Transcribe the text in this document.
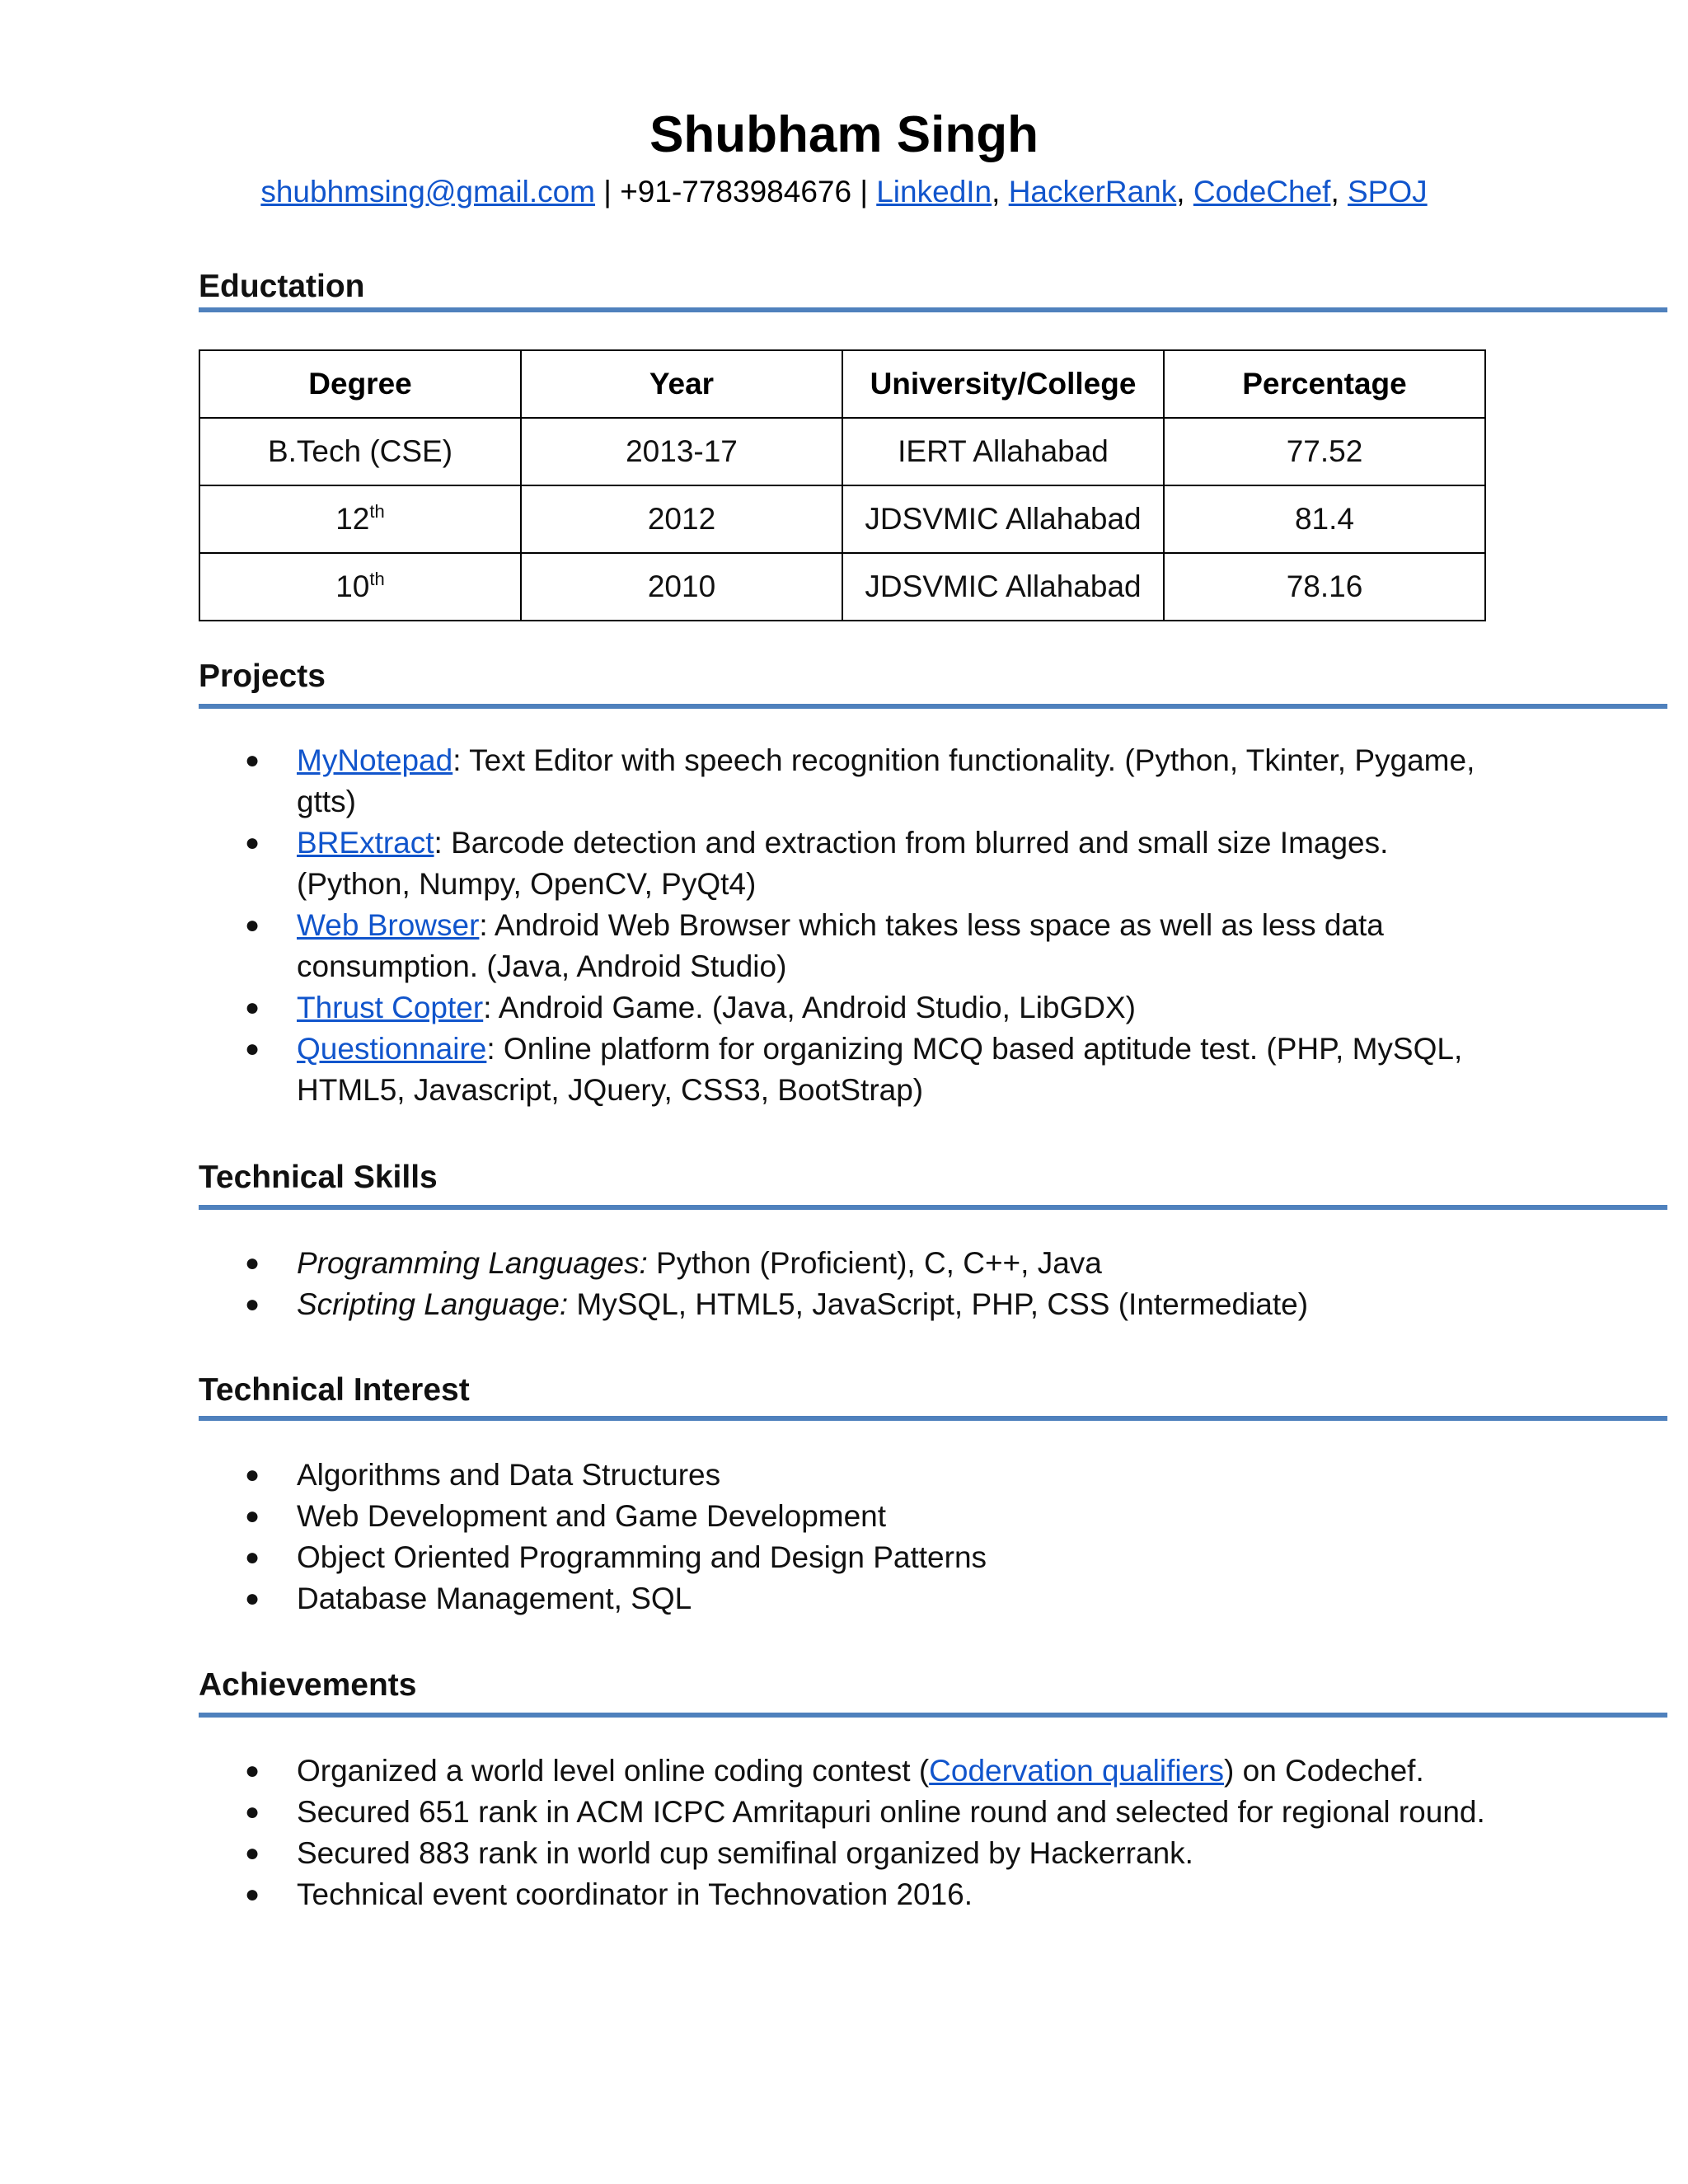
Shubham Singh
shubhmsing@gmail.com | +91-7783984676 | LinkedIn, HackerRank, CodeChef, SPOJ
Eductation
Degree	Year	University/College	Percentage
B.Tech (CSE)	2013-17	IERT Allahabad	77.52
12th	2012	JDSVMIC Allahabad	81.4
10th	2010	JDSVMIC Allahabad	78.16
Projects
● MyNotepad: Text Editor with speech recognition functionality. (Python, Tkinter, Pygame,
gtts)
● BRExtract: Barcode detection and extraction from blurred and small size Images.
(Python, Numpy, OpenCV, PyQt4)
● Web Browser: Android Web Browser which takes less space as well as less data
consumption. (Java, Android Studio)
● Thrust Copter: Android Game. (Java, Android Studio, LibGDX)
● Questionnaire: Online platform for organizing MCQ based aptitude test. (PHP, MySQL,
HTML5, Javascript, JQuery, CSS3, BootStrap)
Technical Skills
● Programming Languages: Python (Proficient), C, C++, Java
● Scripting Language: MySQL, HTML5, JavaScript, PHP, CSS (Intermediate)
Technical Interest
● Algorithms and Data Structures
● Web Development and Game Development
● Object Oriented Programming and Design Patterns
● Database Management, SQL
Achievements
● Organized a world level online coding contest (Codervation qualifiers) on Codechef.
● Secured 651 rank in ACM ICPC Amritapuri online round and selected for regional round.
● Secured 883 rank in world cup semifinal organized by Hackerrank.
● Technical event coordinator in Technovation 2016.
